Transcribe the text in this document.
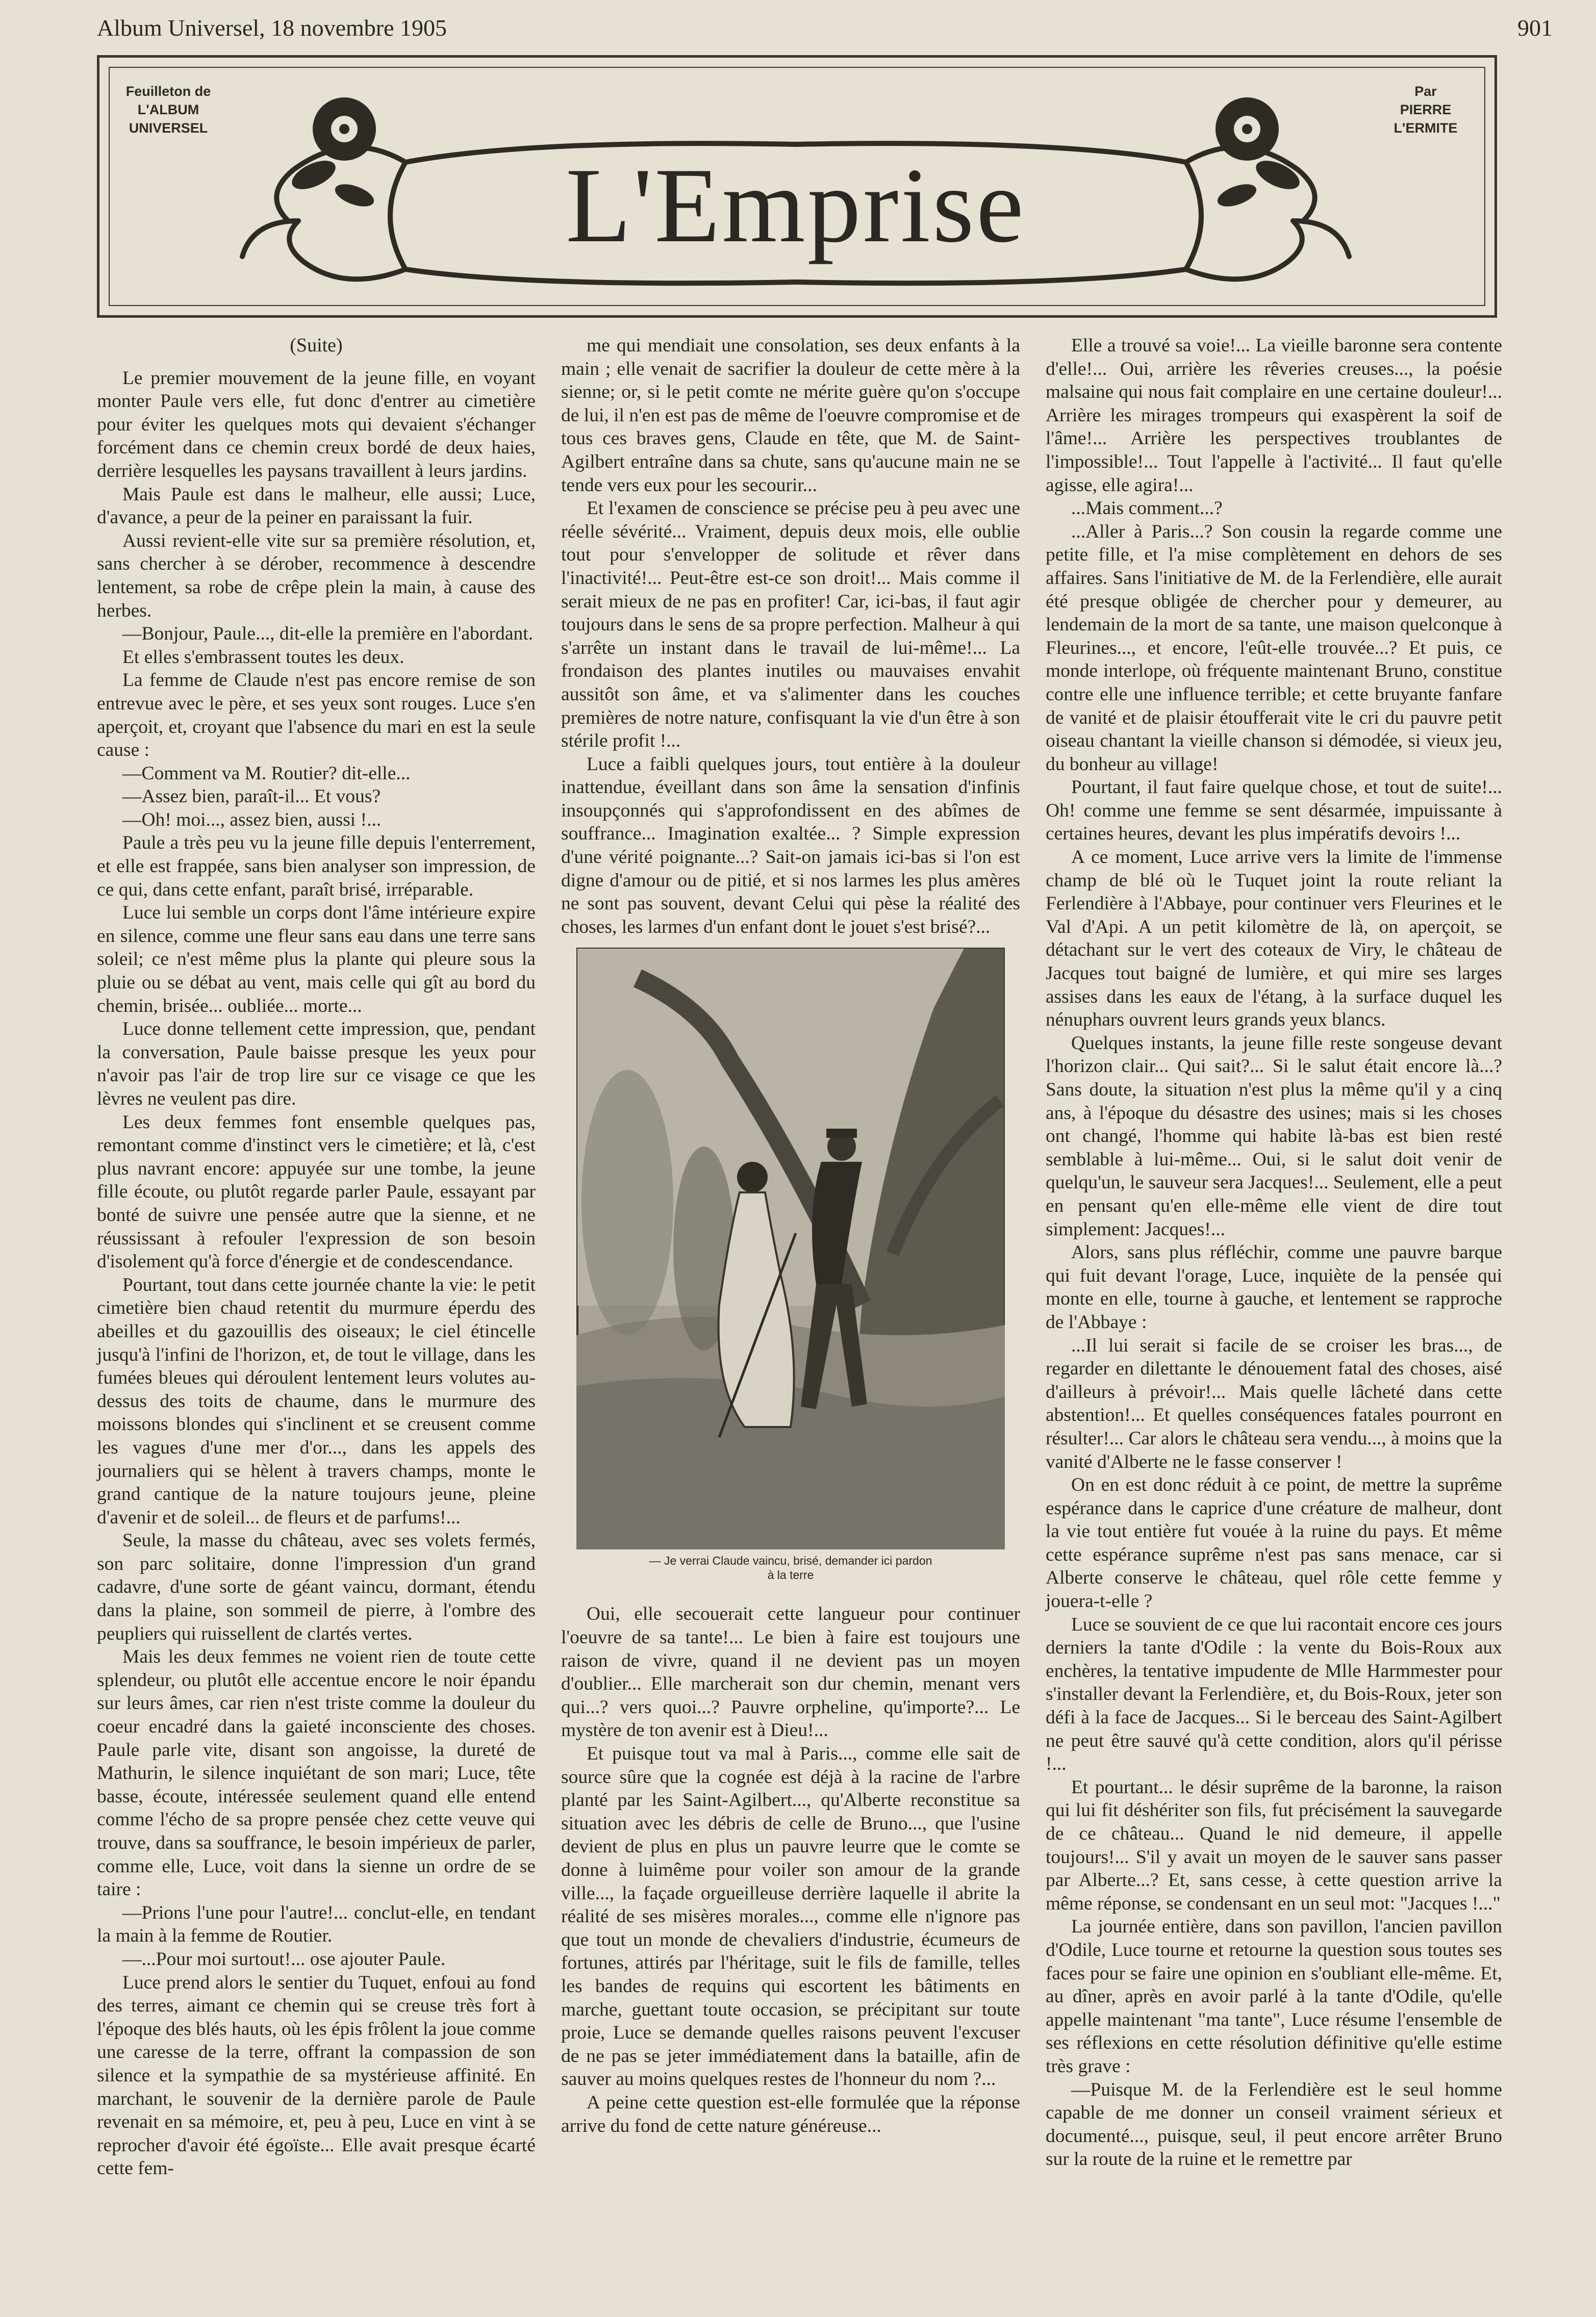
Album Universel, 18 novembre 1905	901
Feuilleton de
L'ALBUM
UNIVERSEL
Par
PIERRE
L'ERMITE
L'Emprise
(Suite)

Le premier mouvement de la jeune fille, en voyant monter Paule vers elle, fut donc d'entrer au cimetière pour éviter les quelques mots qui devaient s'échanger forcément dans ce chemin creux bordé de deux haies, derrière lesquelles les paysans travaillent à leurs jardins.

Mais Paule est dans le malheur, elle aussi; Luce, d'avance, a peur de la peiner en paraissant la fuir.

Aussi revient-elle vite sur sa première résolution, et, sans chercher à se dérober, recommence à descendre lentement, sa robe de crêpe plein la main, à cause des herbes.

—Bonjour, Paule..., dit-elle la première en l'abordant.

Et elles s'embrassent toutes les deux.

La femme de Claude n'est pas encore remise de son entrevue avec le père, et ses yeux sont rouges. Luce s'en aperçoit, et, croyant que l'absence du mari en est la seule cause :

—Comment va M. Routier? dit-elle...

—Assez bien, paraît-il... Et vous?

—Oh! moi..., assez bien, aussi !...

Paule a très peu vu la jeune fille depuis l'enterrement, et elle est frappée, sans bien analyser son impression, de ce qui, dans cette enfant, paraît brisé, irréparable.

Luce lui semble un corps dont l'âme intérieure expire en silence, comme une fleur sans eau dans une terre sans soleil; ce n'est même plus la plante qui pleure sous la pluie ou se débat au vent, mais celle qui gît au bord du chemin, brisée... oubliée... morte...

Luce donne tellement cette impression, que, pendant la conversation, Paule baisse presque les yeux pour n'avoir pas l'air de trop lire sur ce visage ce que les lèvres ne veulent pas dire.

Les deux femmes font ensemble quelques pas, remontant comme d'instinct vers le cimetière; et là, c'est plus navrant encore: appuyée sur une tombe, la jeune fille écoute, ou plutôt regarde parler Paule, essayant par bonté de suivre une pensée autre que la sienne, et ne réussissant à refouler l'expression de son besoin d'isolement qu'à force d'énergie et de condescendance.

Pourtant, tout dans cette journée chante la vie: le petit cimetière bien chaud retentit du murmure éperdu des abeilles et du gazouillis des oiseaux; le ciel étincelle jusqu'à l'infini de l'horizon, et, de tout le village, dans les fumées bleues qui déroulent lentement leurs volutes au-dessus des toits de chaume, dans le murmure des moissons blondes qui s'inclinent et se creusent comme les vagues d'une mer d'or..., dans les appels des journaliers qui se hèlent à travers champs, monte le grand cantique de la nature toujours jeune, pleine d'avenir et de soleil... de fleurs et de parfums!...

Seule, la masse du château, avec ses volets fermés, son parc solitaire, donne l'impression d'un grand cadavre, d'une sorte de géant vaincu, dormant, étendu dans la plaine, son sommeil de pierre, à l'ombre des peupliers qui ruissellent de clartés vertes.

Mais les deux femmes ne voient rien de toute cette splendeur, ou plutôt elle accentue encore le noir épandu sur leurs âmes, car rien n'est triste comme la douleur du coeur encadré dans la gaieté inconsciente des choses. Paule parle vite, disant son angoisse, la dureté de Mathurin, le silence inquiétant de son mari; Luce, tête basse, écoute, intéressée seulement quand elle entend comme l'écho de sa propre pensée chez cette veuve qui trouve, dans sa souffrance, le besoin impérieux de parler, comme elle, Luce, voit dans la sienne un ordre de se taire :

—Prions l'une pour l'autre!... conclut-elle, en tendant la main à la femme de Routier.

—...Pour moi surtout!... ose ajouter Paule.

Luce prend alors le sentier du Tuquet, enfoui au fond des terres, aimant ce chemin qui se creuse très fort à l'époque des blés hauts, où les épis frôlent la joue comme une caresse de la terre, offrant la compassion de son silence et la sympathie de sa mystérieuse affinité. En marchant, le souvenir de la dernière parole de Paule revenait en sa mémoire, et, peu à peu, Luce en vint à se reprocher d'avoir été égoïste... Elle avait presque écarté cette fem-

me qui mendiait une consolation, ses deux enfants à la main ; elle venait de sacrifier la douleur de cette mère à la sienne; or, si le petit comte ne mérite guère qu'on s'occupe de lui, il n'en est pas de même de l'oeuvre compromise et de tous ces braves gens, Claude en tête, que M. de Saint-Agilbert entraîne dans sa chute, sans qu'aucune main ne se tende vers eux pour les secourir...

Et l'examen de conscience se précise peu à peu avec une réelle sévérité... Vraiment, depuis deux mois, elle oublie tout pour s'envelopper de solitude et rêver dans l'inactivité!... Peut-être est-ce son droit!... Mais comme il serait mieux de ne pas en profiter! Car, ici-bas, il faut agir toujours dans le sens de sa propre perfection. Malheur à qui s'arrête un instant dans le travail de lui-même!... La frondaison des plantes inutiles ou mauvaises envahit aussitôt son âme, et va s'alimenter dans les couches premières de notre nature, confisquant la vie d'un être à son stérile profit !...

Luce a faibli quelques jours, tout entière à la douleur inattendue, éveillant dans son âme la sensation d'infinis insoupçonnés qui s'approfondissent en des abîmes de souffrance... Imagination exaltée... ? Simple expression d'une vérité poignante...? Sait-on jamais ici-bas si l'on est digne d'amour ou de pitié, et si nos larmes les plus amères ne sont pas souvent, devant Celui qui pèse la réalité des choses, les larmes d'un enfant dont le jouet s'est brisé?...

— Je verrai Claude vaincu, brisé, demander ici pardon
à la terre

Oui, elle secouerait cette langueur pour continuer l'oeuvre de sa tante!... Le bien à faire est toujours une raison de vivre, quand il ne devient pas un moyen d'oublier... Elle marcherait son dur chemin, menant vers qui...? vers quoi...? Pauvre orpheline, qu'importe?... Le mystère de ton avenir est à Dieu!...

Et puisque tout va mal à Paris..., comme elle sait de source sûre que la cognée est déjà à la racine de l'arbre planté par les Saint-Agilbert..., qu'Alberte reconstitue sa situation avec les débris de celle de Bruno..., que l'usine devient de plus en plus un pauvre leurre que le comte se donne à luimême pour voiler son amour de la grande ville..., la façade orgueilleuse derrière laquelle il abrite la réalité de ses misères morales..., comme elle n'ignore pas que tout un monde de chevaliers d'industrie, écumeurs de fortunes, attirés par l'héritage, suit le fils de famille, telles les bandes de requins qui escortent les bâtiments en marche, guettant toute occasion, se précipitant sur toute proie, Luce se demande quelles raisons peuvent l'excuser de ne pas se jeter immédiatement dans la bataille, afin de sauver au moins quelques restes de l'honneur du nom ?...

A peine cette question est-elle formulée que la réponse arrive du fond de cette nature généreuse...

Elle a trouvé sa voie!... La vieille baronne sera contente d'elle!... Oui, arrière les rêveries creuses..., la poésie malsaine qui nous fait complaire en une certaine douleur!... Arrière les mirages trompeurs qui exaspèrent la soif de l'âme!... Arrière les perspectives troublantes de l'impossible!... Tout l'appelle à l'activité... Il faut qu'elle agisse, elle agira!...

...Mais comment...?

...Aller à Paris...? Son cousin la regarde comme une petite fille, et l'a mise complètement en dehors de ses affaires. Sans l'initiative de M. de la Ferlendière, elle aurait été presque obligée de chercher pour y demeurer, au lendemain de la mort de sa tante, une maison quelconque à Fleurines..., et encore, l'eût-elle trouvée...? Et puis, ce monde interlope, où fréquente maintenant Bruno, constitue contre elle une influence terrible; et cette bruyante fanfare de vanité et de plaisir étoufferait vite le cri du pauvre petit oiseau chantant la vieille chanson si démodée, si vieux jeu, du bonheur au village!

Pourtant, il faut faire quelque chose, et tout de suite!... Oh! comme une femme se sent désarmée, impuissante à certaines heures, devant les plus impératifs devoirs !...

A ce moment, Luce arrive vers la limite de l'immense champ de blé où le Tuquet joint la route reliant la Ferlendière à l'Abbaye, pour continuer vers Fleurines et le Val d'Api. A un petit kilomètre de là, on aperçoit, se détachant sur le vert des coteaux de Viry, le château de Jacques tout baigné de lumière, et qui mire ses larges assises dans les eaux de l'étang, à la surface duquel les nénuphars ouvrent leurs grands yeux blancs.

Quelques instants, la jeune fille reste songeuse devant l'horizon clair... Qui sait?... Si le salut était encore là...? Sans doute, la situation n'est plus la même qu'il y a cinq ans, à l'époque du désastre des usines; mais si les choses ont changé, l'homme qui habite là-bas est bien resté semblable à lui-même... Oui, si le salut doit venir de quelqu'un, le sauveur sera Jacques!... Seulement, elle a peut en pensant qu'en elle-même elle vient de dire tout simplement: Jacques!...

Alors, sans plus réfléchir, comme une pauvre barque qui fuit devant l'orage, Luce, inquiète de la pensée qui monte en elle, tourne à gauche, et lentement se rapproche de l'Abbaye :

...Il lui serait si facile de se croiser les bras..., de regarder en dilettante le dénouement fatal des choses, aisé d'ailleurs à prévoir!... Mais quelle lâcheté dans cette abstention!... Et quelles conséquences fatales pourront en résulter!... Car alors le château sera vendu..., à moins que la vanité d'Alberte ne le fasse conserver !

On en est donc réduit à ce point, de mettre la suprême espérance dans le caprice d'une créature de malheur, dont la vie tout entière fut vouée à la ruine du pays. Et même cette espérance suprême n'est pas sans menace, car si Alberte conserve le château, quel rôle cette femme y jouera-t-elle ?

Luce se souvient de ce que lui racontait encore ces jours derniers la tante d'Odile : la vente du Bois-Roux aux enchères, la tentative impudente de Mlle Harmmester pour s'installer devant la Ferlendière, et, du Bois-Roux, jeter son défi à la face de Jacques... Si le berceau des Saint-Agilbert ne peut être sauvé qu'à cette condition, alors qu'il périsse !...

Et pourtant... le désir suprême de la baronne, la raison qui lui fit déshériter son fils, fut précisément la sauvegarde de ce château... Quand le nid demeure, il appelle toujours!... S'il y avait un moyen de le sauver sans passer par Alberte...? Et, sans cesse, à cette question arrive la même réponse, se condensant en un seul mot: "Jacques !..."

La journée entière, dans son pavillon, l'ancien pavillon d'Odile, Luce tourne et retourne la question sous toutes ses faces pour se faire une opinion en s'oubliant elle-même. Et, au dîner, après en avoir parlé à la tante d'Odile, qu'elle appelle maintenant "ma tante", Luce résume l'ensemble de ses réflexions en cette résolution définitive qu'elle estime très grave :

—Puisque M. de la Ferlendière est le seul homme capable de me donner un conseil vraiment sérieux et documenté..., puisque, seul, il peut encore arrêter Bruno sur la route de la ruine et le remettre par
